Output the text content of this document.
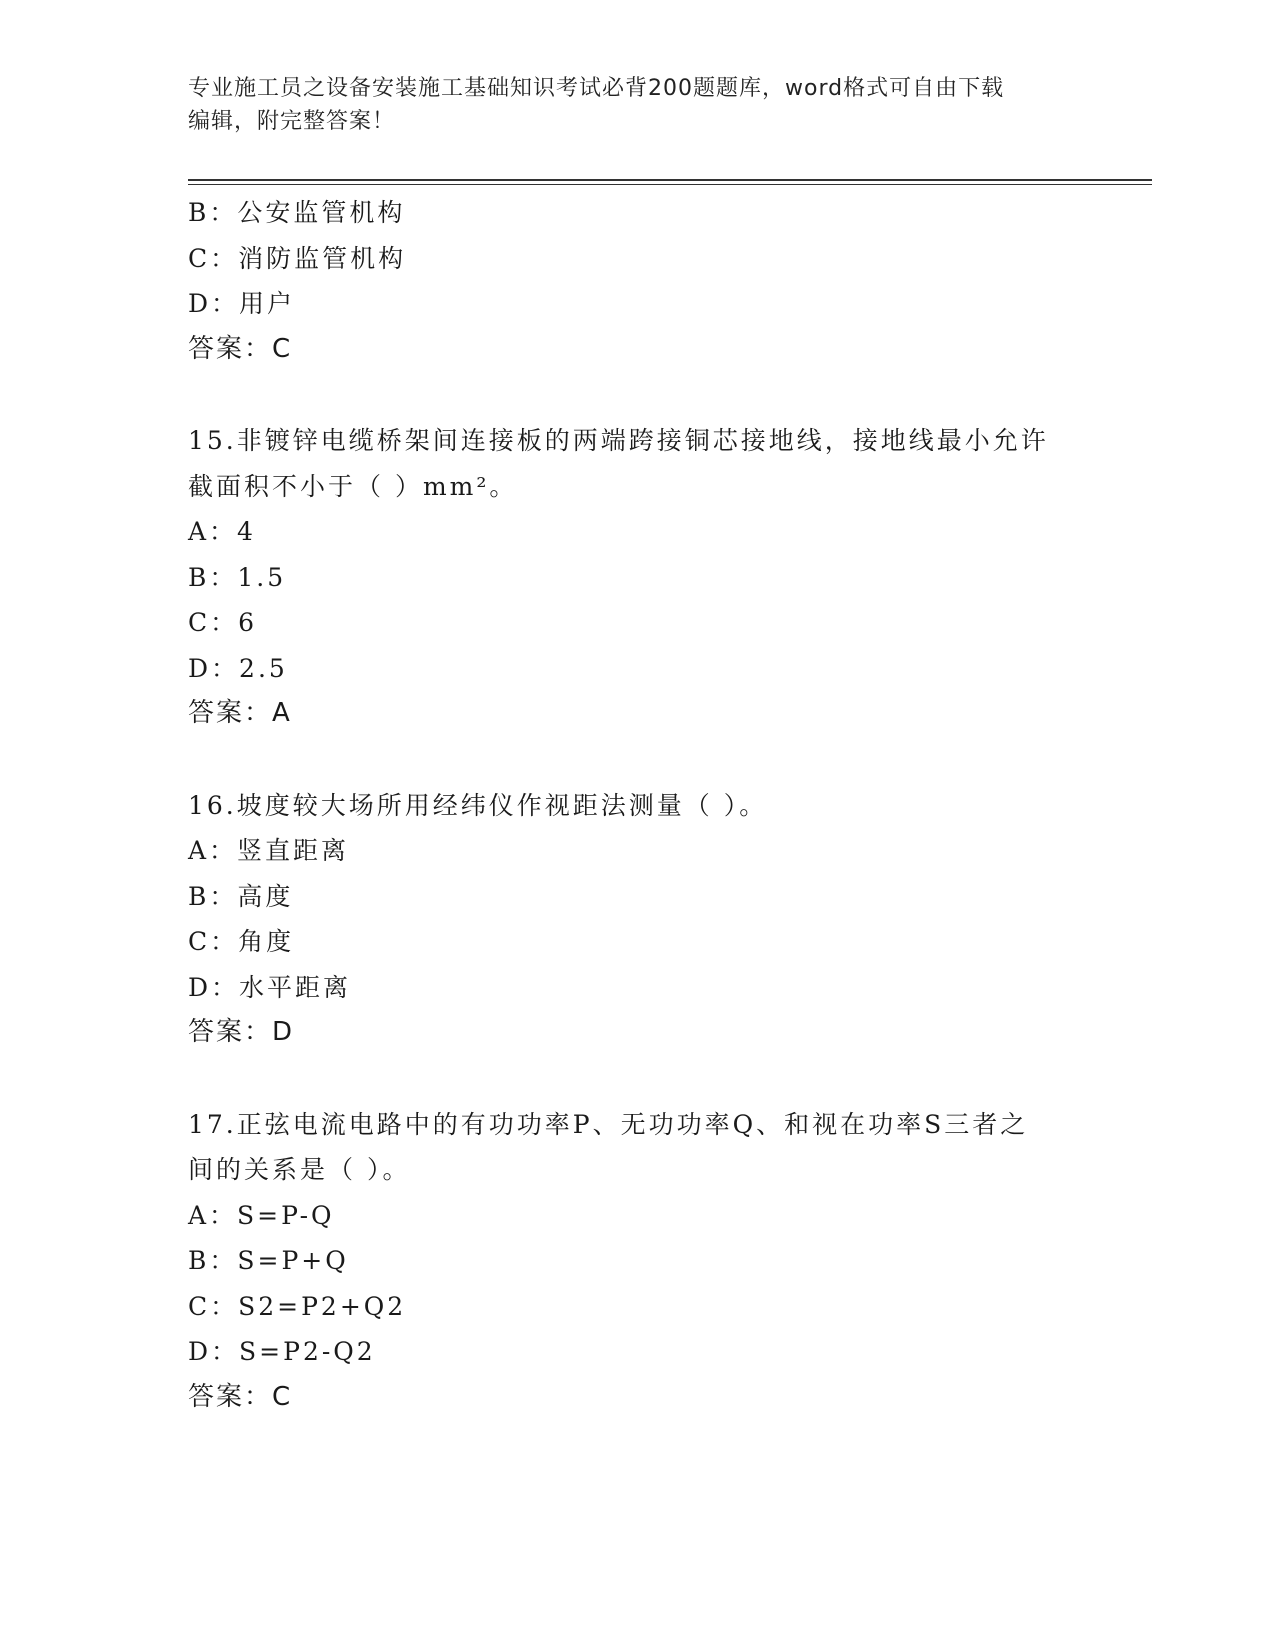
专业施工员之设备安装施工基础知识考试必背200题题库，word格式可自由下载
编辑，附完整答案！
B：公安监管机构
C：消防监管机构
D：用户
答案：C
15.非镀锌电缆桥架间连接板的两端跨接铜芯接地线，接地线最小允许
截面积不小于（ ）mm²。
A：4
B：1.5
C：6
D：2.5
答案：A
16.坡度较大场所用经纬仪作视距法测量（ ）。
A：竖直距离
B：高度
C：角度
D：水平距离
答案：D
17.正弦电流电路中的有功功率P、无功功率Q、和视在功率S三者之
间的关系是（ ）。
A：S=P-Q
B：S=P+Q
C：S2=P2+Q2
D：S=P2-Q2
答案：C
